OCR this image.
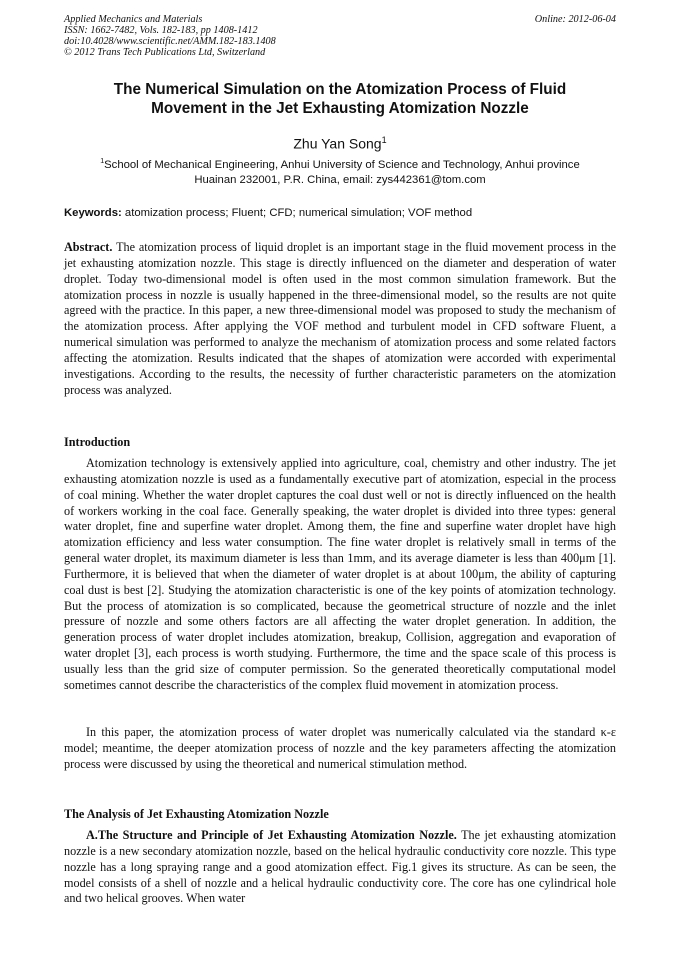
Applied Mechanics and Materials
ISSN: 1662-7482, Vols. 182-183, pp 1408-1412
doi:10.4028/www.scientific.net/AMM.182-183.1408
© 2012 Trans Tech Publications Ltd, Switzerland
Online: 2012-06-04
The Numerical Simulation on the Atomization Process of Fluid
Movement in the Jet Exhausting Atomization Nozzle
Zhu Yan Song$^1$
$^1$School of Mechanical Engineering, Anhui University of Science and Technology, Anhui province
Huainan 232001, P.R. China, email: zys442361@tom.com
Keywords: atomization process; Fluent; CFD; numerical simulation; VOF method

Abstract. The atomization process of liquid droplet is an important stage in the fluid movement process in the jet exhausting atomization nozzle. This stage is directly influenced on the diameter and desperation of water droplet. Today two-dimensional model is often used in the most common simulation framework. But the atomization process in nozzle is usually happened in the three-dimensional model, so the results are not quite agreed with the practice. In this paper, a new three-dimensional model was proposed to study the mechanism of the atomization process. After applying the VOF method and turbulent model in CFD software Fluent, a numerical simulation was performed to analyze the mechanism of atomization process and some related factors affecting the atomization. Results indicated that the shapes of atomization were accorded with experimental investigations. According to the results, the necessity of further characteristic parameters on the atomization process was analyzed.

Introduction

Atomization technology is extensively applied into agriculture, coal, chemistry and other industry. The jet exhausting atomization nozzle is used as a fundamentally executive part of atomization, especial in the process of coal mining. Whether the water droplet captures the coal dust well or not is directly influenced on the health of workers working in the coal face. Generally speaking, the water droplet is divided into three types: general water droplet, fine and superfine water droplet. Among them, the fine and superfine water droplet have high atomization efficiency and less water consumption. The fine water droplet is relatively small in terms of the general water droplet, its maximum diameter is less than 1mm, and its average diameter is less than 400μm [1]. Furthermore, it is believed that when the diameter of water droplet is at about 100μm, the ability of capturing coal dust is best [2]. Studying the atomization characteristic is one of the key points of atomization technology. But the process of atomization is so complicated, because the geometrical structure of nozzle and the inlet pressure of nozzle and some others factors are all affecting the water droplet generation. In addition, the generation process of water droplet includes atomization, breakup, Collision, aggregation and evaporation of water droplet [3], each process is worth studying. Furthermore, the time and the space scale of this process is usually less than the grid size of computer permission. So the generated theoretically computational model sometimes cannot describe the characteristics of the complex fluid movement in atomization process.

In this paper, the atomization process of water droplet was numerically calculated via the standard κ-ε model; meantime, the deeper atomization process of nozzle and the key parameters affecting the atomization process were discussed by using the theoretical and numerical stimulation method.

The Analysis of Jet Exhausting Atomization Nozzle

A.The Structure and Principle of Jet Exhausting Atomization Nozzle. The jet exhausting atomization nozzle is a new secondary atomization nozzle, based on the helical hydraulic conductivity core nozzle. This type nozzle has a long spraying range and a good atomization effect. Fig.1 gives its structure. As can be seen, the model consists of a shell of nozzle and a helical hydraulic conductivity core. The core has one cylindrical hole and two helical grooves. When water
